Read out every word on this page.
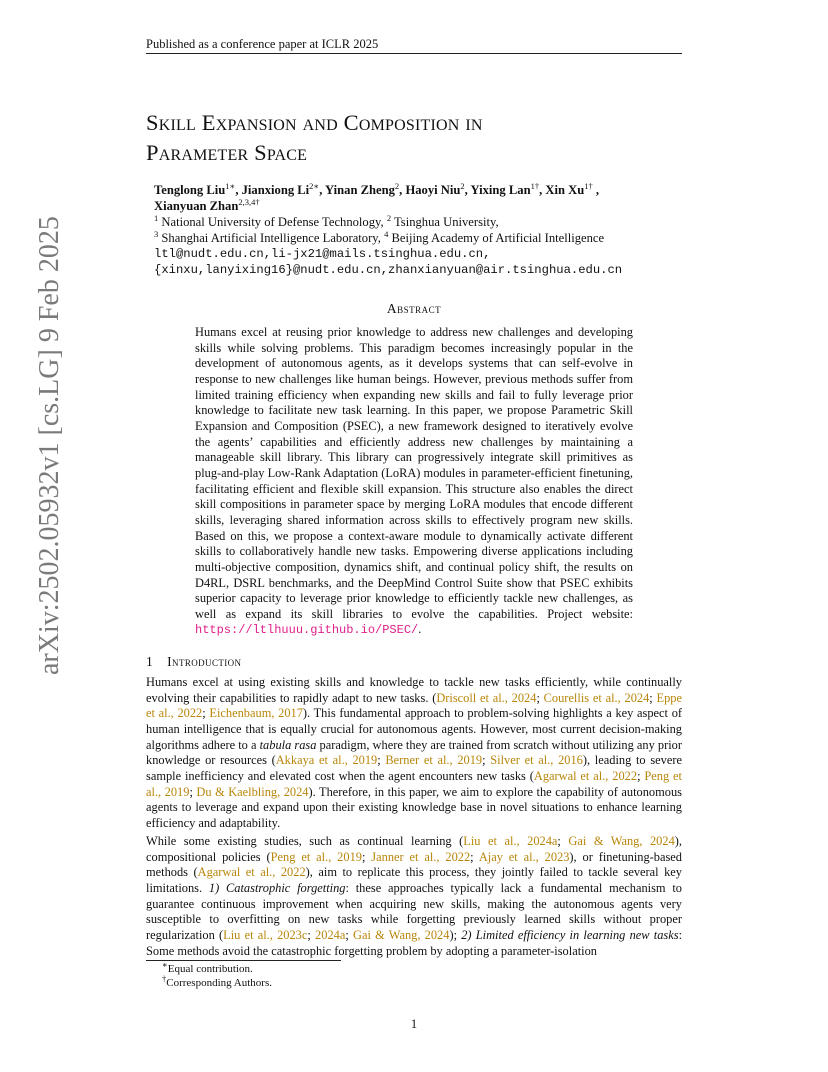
Published as a conference paper at ICLR 2025
arXiv:2502.05932v1 [cs.LG] 9 Feb 2025
Skill Expansion and Composition in
Parameter Space
Tenglong Liu$^{1∗}$, Jianxiong $Li^{2∗}$, Yinan Zheng$^2$, Haoyi Niu$^2$, Yixing Lan$^{1\dagger}$, Xin $Xu^{1\dagger}$ ,
Xianyuan Zhan$^{2,3,4\dagger}$
$^1$ National University of Defense Technology, $^2$ Tsinghua University,
$^3$ Shanghai Artificial Intelligence Laboratory, $^4$ Beijing Academy of Artificial Intelligence
ltl@nudt.edu.cn,li-jx21@mails.tsinghua.edu.cn,
{xinxu,lanyixing16}@nudt.edu.cn,zhanxianyuan@air.tsinghua.edu.cn
Abstract
Humans excel at reusing prior knowledge to address new challenges and developing skills while solving problems. This paradigm becomes increasingly popular in the development of autonomous agents, as it develops systems that can self-evolve in response to new challenges like human beings. However, previous methods suffer from limited training efficiency when expanding new skills and fail to fully leverage prior knowledge to facilitate new task learning. In this paper, we propose Parametric Skill Expansion and Composition (PSEC), a new framework designed to iteratively evolve the agents’ capabilities and efficiently address new challenges by maintaining a manageable skill library. This library can progressively integrate skill primitives as plug-and-play Low-Rank Adaptation (LoRA) modules in parameter-efficient finetuning, facilitating efficient and flexible skill expansion. This structure also enables the direct skill compositions in parameter space by merging LoRA modules that encode different skills, leveraging shared information across skills to effectively program new skills. Based on this, we propose a context-aware module to dynamically activate different skills to collaboratively handle new tasks. Empowering diverse applications including multi-objective composition, dynamics shift, and continual policy shift, the results on D4RL, DSRL benchmarks, and the DeepMind Control Suite show that PSEC exhibits superior capacity to leverage prior knowledge to efficiently tackle new challenges, as well as expand its skill libraries to evolve the capabilities. Project website: https://ltlhuuu.github.io/PSEC/.
1 Introduction
Humans excel at using existing skills and knowledge to tackle new tasks efficiently, while continually evolving their capabilities to rapidly adapt to new tasks. (Driscoll et al., 2024; Courellis et al., 2024; Eppe et al., 2022; Eichenbaum, 2017). This fundamental approach to problem-solving highlights a key aspect of human intelligence that is equally crucial for autonomous agents. However, most current decision-making algorithms adhere to a tabula rasa paradigm, where they are trained from scratch without utilizing any prior knowledge or resources (Akkaya et al., 2019; Berner et al., 2019; Silver et al., 2016), leading to severe sample inefficiency and elevated cost when the agent encounters new tasks (Agarwal et al., 2022; Peng et al., 2019; Du & Kaelbling, 2024). Therefore, in this paper, we aim to explore the capability of autonomous agents to leverage and expand upon their existing knowledge base in novel situations to enhance learning efficiency and adaptability.
While some existing studies, such as continual learning (Liu et al., 2024a; Gai & Wang, 2024), compositional policies (Peng et al., 2019; Janner et al., 2022; Ajay et al., 2023), or finetuning-based methods (Agarwal et al., 2022), aim to replicate this process, they jointly failed to tackle several key limitations. 1) Catastrophic forgetting: these approaches typically lack a fundamental mechanism to guarantee continuous improvement when acquiring new skills, making the autonomous agents very susceptible to overfitting on new tasks while forgetting previously learned skills without proper regularization (Liu et al., 2023c; 2024a; Gai & Wang, 2024); 2) Limited efficiency in learning new tasks: Some methods avoid the catastrophic forgetting problem by adopting a parameter-isolation
∗Equal contribution.
†Corresponding Authors.
1
